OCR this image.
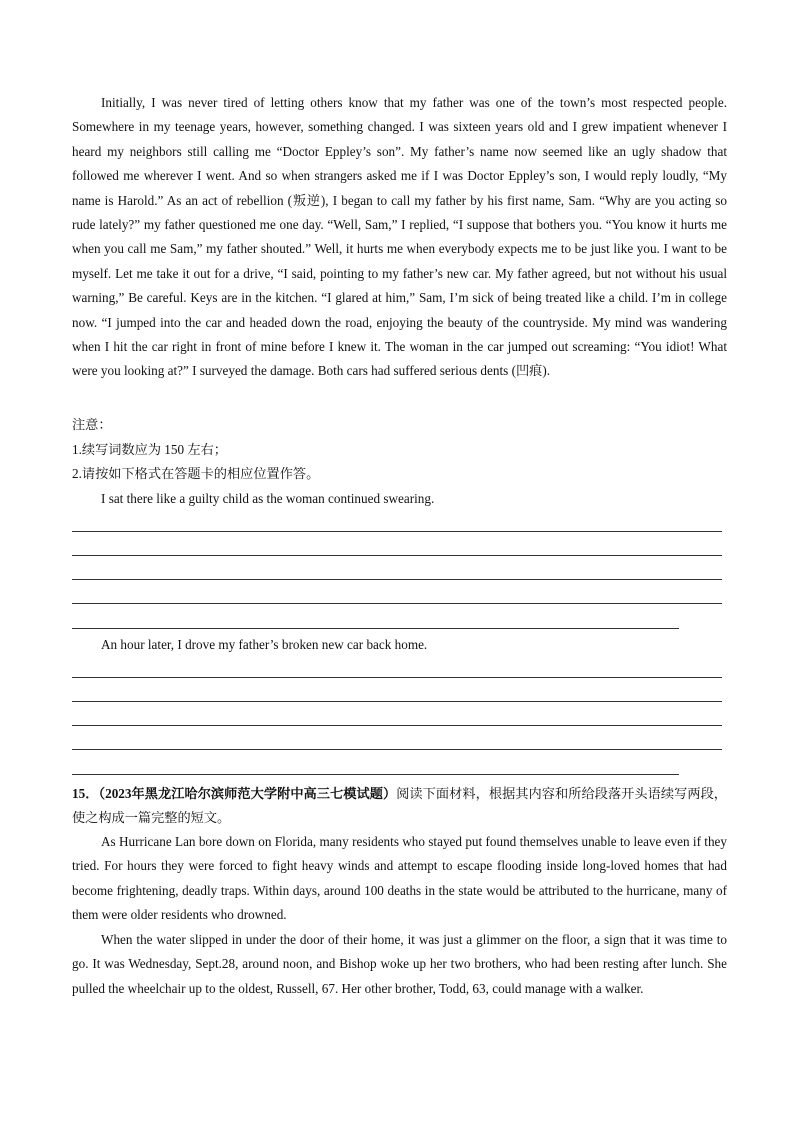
Initially, I was never tired of letting others know that my father was one of the town’s most respected people. Somewhere in my teenage years, however, something changed. I was sixteen years old and I grew impatient whenever I heard my neighbors still calling me “Doctor Eppley’s son”. My father’s name now seemed like an ugly shadow that followed me wherever I went. And so when strangers asked me if I was Doctor Eppley’s son, I would reply loudly, “My name is Harold.” As an act of rebellion (叛逆), I began to call my father by his first name, Sam. “Why are you acting so rude lately?” my father questioned me one day. “Well, Sam,” I replied, “I suppose that bothers you. “You know it hurts me when you call me Sam,” my father shouted.” Well, it hurts me when everybody expects me to be just like you. I want to be myself. Let me take it out for a drive, “I said, pointing to my father’s new car. My father agreed, but not without his usual warning,” Be careful. Keys are in the kitchen. “I glared at him,” Sam, I’m sick of being treated like a child. I’m in college now. “I jumped into the car and headed down the road, enjoying the beauty of the countryside. My mind was wandering when I hit the car right in front of mine before I knew it. The woman in the car jumped out screaming: “You idiot! What were you looking at?” I surveyed the damage. Both cars had suffered serious dents (凹痕).

注意：

1.续写词数应为 150 左右；

2.请按如下格式在答题卡的相应位置作答。

I sat there like a guilty child as the woman continued swearing.

An hour later, I drove my father’s broken new car back home.

15．（2023年黑龙江哈尔滨师范大学附中高三七模试题）阅读下面材料，根据其内容和所给段落开头语续写两段，使之构成一篇完整的短文。

As Hurricane Lan bore down on Florida, many residents who stayed put found themselves unable to leave even if they tried. For hours they were forced to fight heavy winds and attempt to escape flooding inside long-loved homes that had become frightening, deadly traps. Within days, around 100 deaths in the state would be attributed to the hurricane, many of them were older residents who drowned.

When the water slipped in under the door of their home, it was just a glimmer on the floor, a sign that it was time to go. It was Wednesday, Sept.28, around noon, and Bishop woke up her two brothers, who had been resting after lunch. She pulled the wheelchair up to the oldest, Russell, 67. Her other brother, Todd, 63, could manage with a walker.
